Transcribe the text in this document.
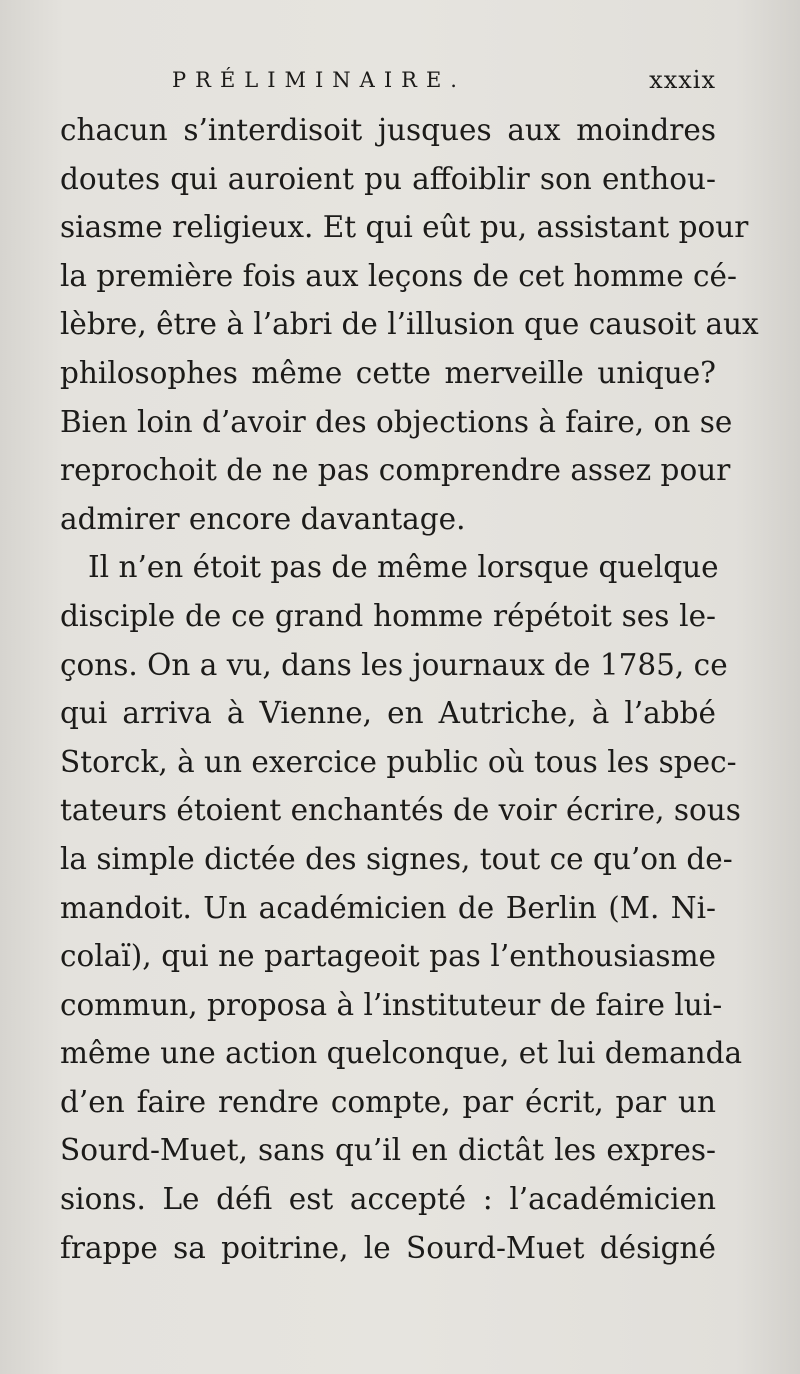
PRÉLIMINAIRE.	xxxix
chacun s’interdisoit jusques aux moindres
doutes qui auroient pu affoiblir son enthou-
siasme religieux. Et qui eût pu, assistant pour
la première fois aux leçons de cet homme cé-
lèbre, être à l’abri de l’illusion que causoit aux
philosophes même cette merveille unique?
Bien loin d’avoir des objections à faire, on se
reprochoit de ne pas comprendre assez pour
admirer encore davantage.
Il n’en étoit pas de même lorsque quelque
disciple de ce grand homme répétoit ses le-
çons. On a vu, dans les journaux de 1785, ce
qui arriva à Vienne, en Autriche, à l’abbé
Storck, à un exercice public où tous les spec-
tateurs étoient enchantés de voir écrire, sous
la simple dictée des signes, tout ce qu’on de-
mandoit. Un académicien de Berlin (M. Ni-
colaï), qui ne partageoit pas l’enthousiasme
commun, proposa à l’instituteur de faire lui-
même une action quelconque, et lui demanda
d’en faire rendre compte, par écrit, par un
Sourd-Muet, sans qu’il en dictât les expres-
sions. Le défi est accepté : l’académicien
frappe sa poitrine, le Sourd-Muet désigné
